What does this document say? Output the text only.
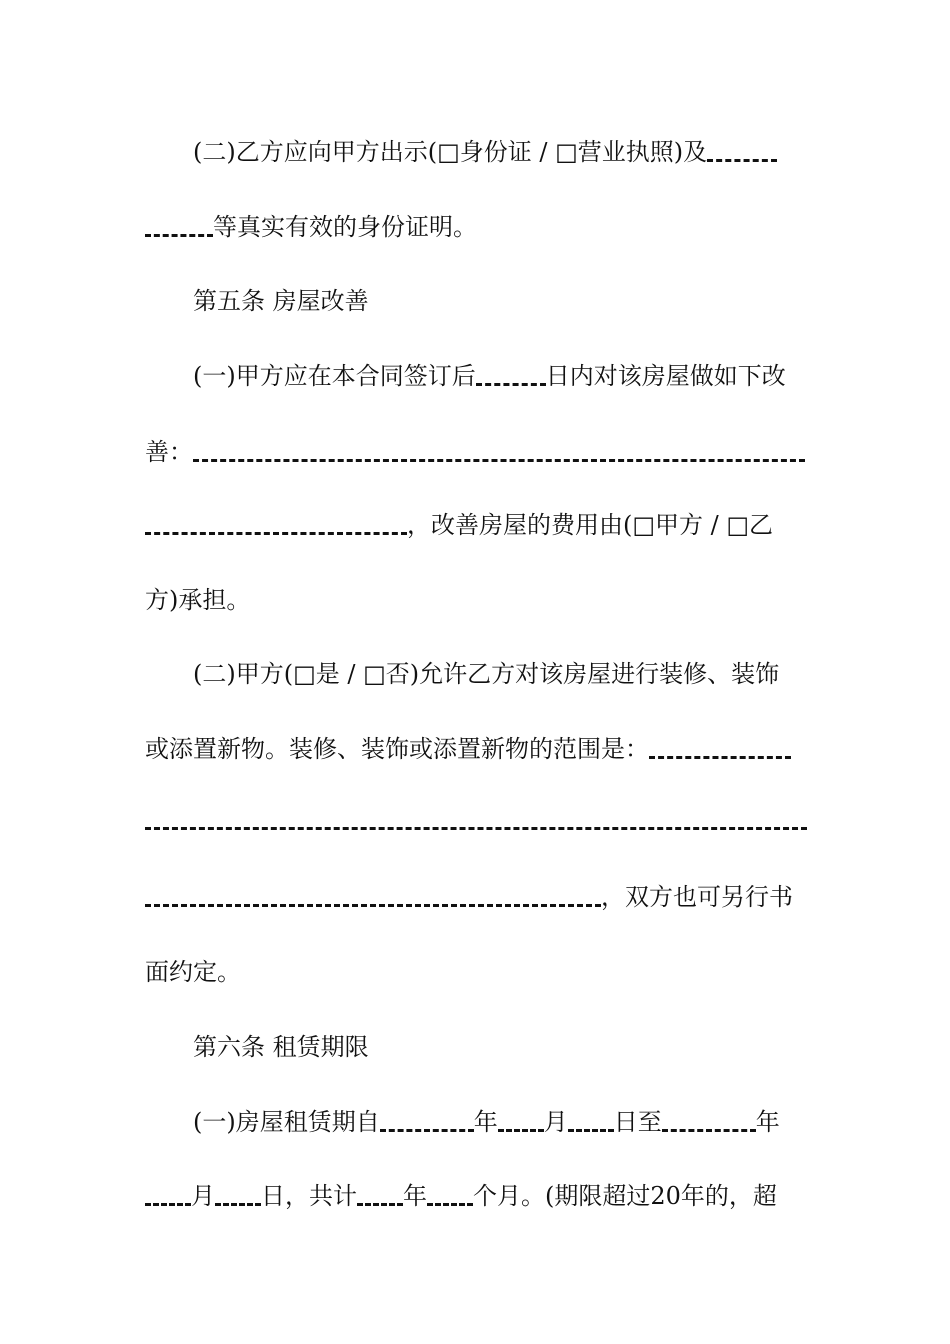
(二)乙方应向甲方出示(□身份证 / □营业执照)及
等真实有效的身份证明。
第五条 房屋改善
(一)甲方应在本合同签订后	日内对该房屋做如下改
善：
，改善房屋的费用由(□甲方 / □乙
方)承担。
(二)甲方(□是 / □否)允许乙方对该房屋进行装修、装饰
或添置新物。装修、装饰或添置新物的范围是：
，双方也可另行书
面约定。
第六条 租赁期限
(一)房屋租赁期自	年 月 日至	年
月 日，共计 年 个月。(期限超过20年的，超
